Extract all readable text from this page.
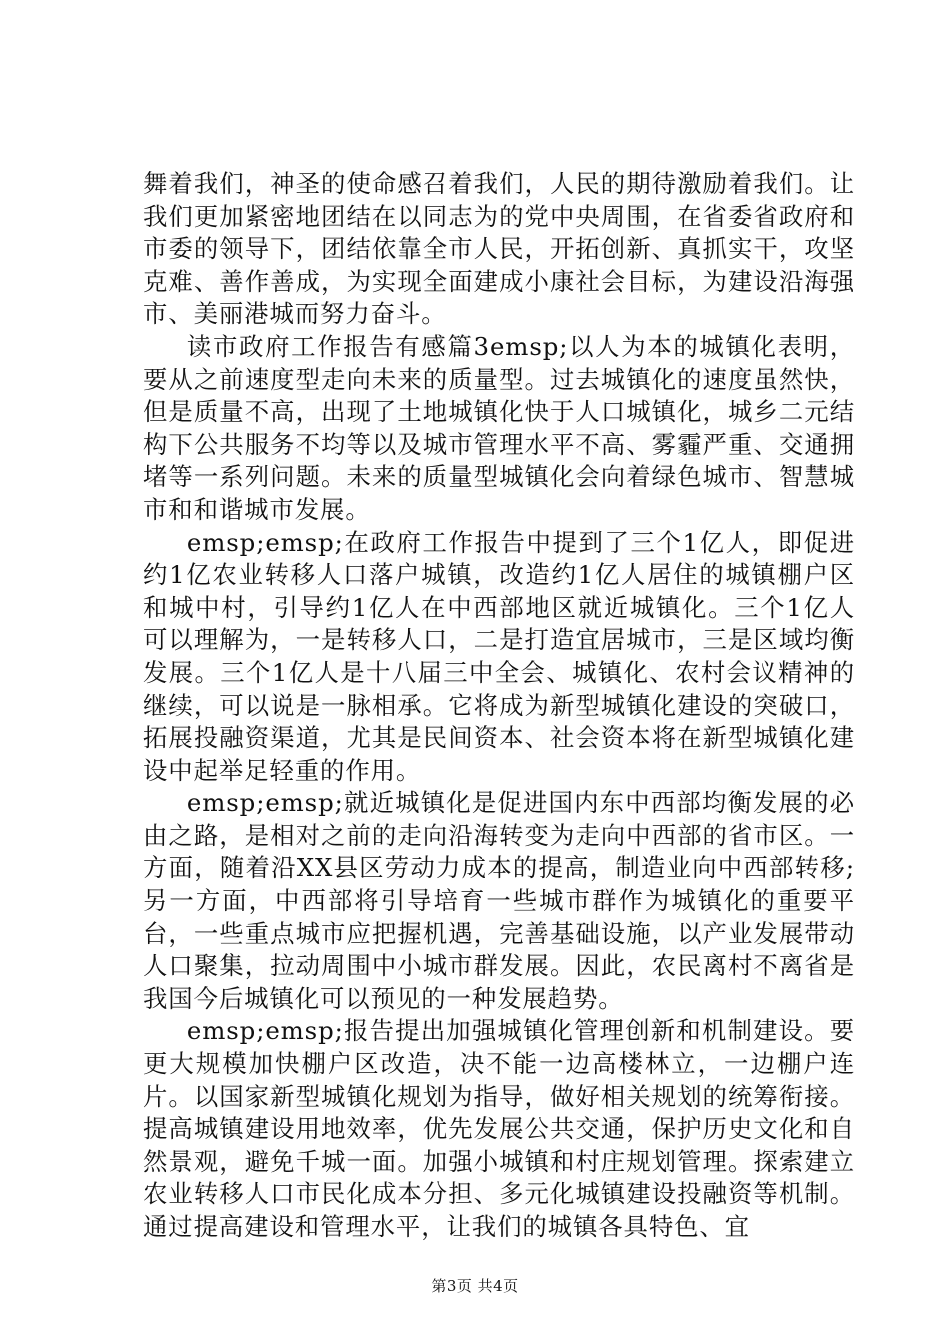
舞着我们，神圣的使命感召着我们，人民的期待激励着我们。让我们更加紧密地团结在以同志为的党中央周围，在省委省政府和市委的领导下，团结依靠全市人民，开拓创新、真抓实干，攻坚克难、善作善成，为实现全面建成小康社会目标，为建设沿海强市、美丽港城而努力奋斗。

读市政府工作报告有感篇3emsp;以人为本的城镇化表明，要从之前速度型走向未来的质量型。过去城镇化的速度虽然快，但是质量不高，出现了土地城镇化快于人口城镇化，城乡二元结构下公共服务不均等以及城市管理水平不高、雾霾严重、交通拥堵等一系列问题。未来的质量型城镇化会向着绿色城市、智慧城市和和谐城市发展。

emsp;emsp;在政府工作报告中提到了三个1亿人，即促进约1亿农业转移人口落户城镇，改造约1亿人居住的城镇棚户区和城中村，引导约1亿人在中西部地区就近城镇化。三个1亿人可以理解为，一是转移人口，二是打造宜居城市，三是区域均衡发展。三个1亿人是十八届三中全会、城镇化、农村会议精神的继续，可以说是一脉相承。它将成为新型城镇化建设的突破口，拓展投融资渠道，尤其是民间资本、社会资本将在新型城镇化建设中起举足轻重的作用。

emsp;emsp;就近城镇化是促进国内东中西部均衡发展的必由之路，是相对之前的走向沿海转变为走向中西部的省市区。一方面，随着沿XX县区劳动力成本的提高，制造业向中西部转移;另一方面，中西部将引导培育一些城市群作为城镇化的重要平台，一些重点城市应把握机遇，完善基础设施，以产业发展带动人口聚集，拉动周围中小城市群发展。因此，农民离村不离省是我国今后城镇化可以预见的一种发展趋势。

emsp;emsp;报告提出加强城镇化管理创新和机制建设。要更大规模加快棚户区改造，决不能一边高楼林立，一边棚户连片。以国家新型城镇化规划为指导，做好相关规划的统筹衔接。提高城镇建设用地效率，优先发展公共交通，保护历史文化和自然景观，避免千城一面。加强小城镇和村庄规划管理。探索建立农业转移人口市民化成本分担、多元化城镇建设投融资等机制。通过提高建设和管理水平，让我们的城镇各具特色、宜

第3页 共4页
